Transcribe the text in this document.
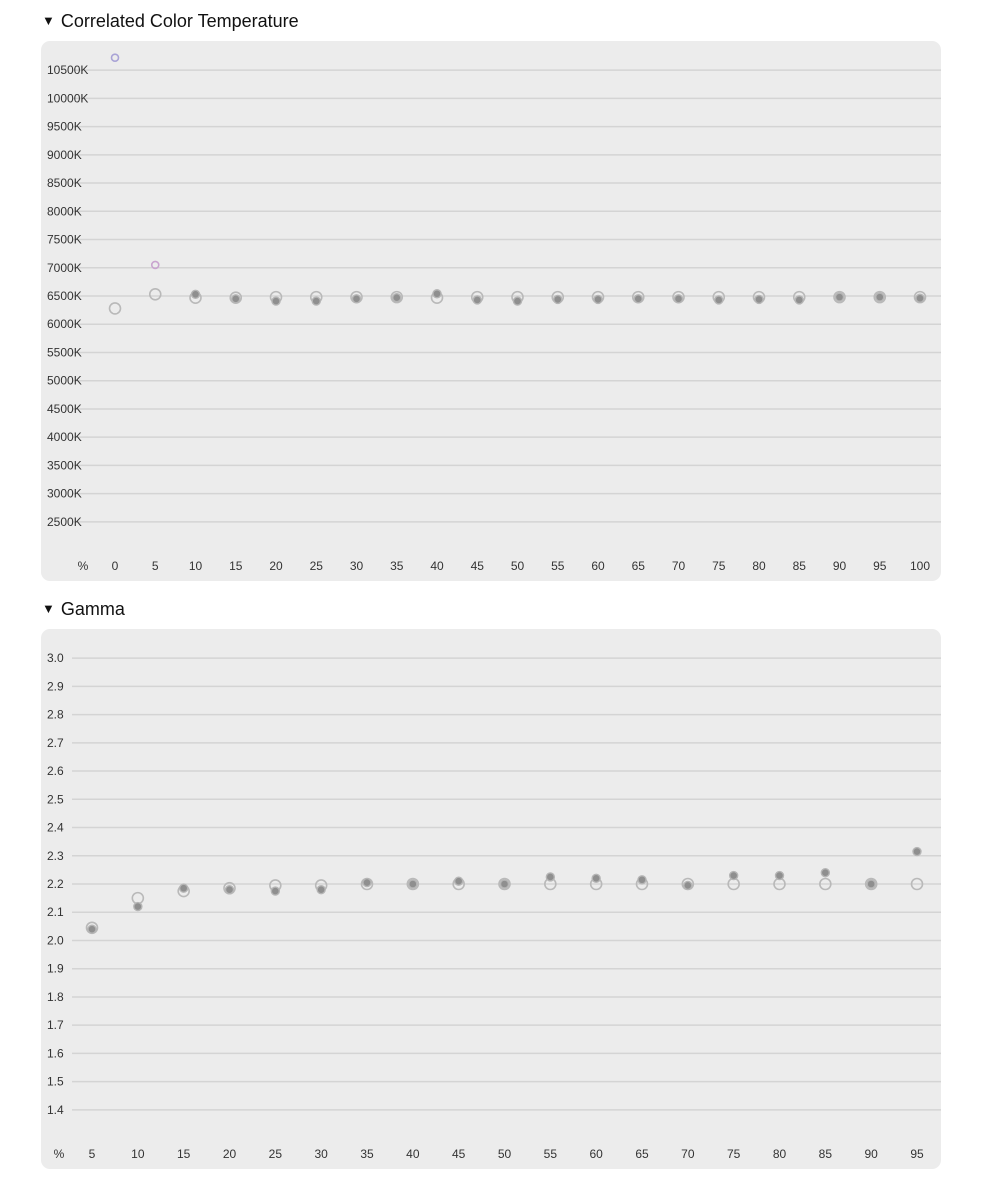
▼ Correlated Color Temperature
2500K
3000K
3500K
4000K
4500K
5000K
5500K
6000K
6500K
7000K
7500K
8000K
8500K
9000K
9500K
10000K
10500K
% 0	5	10 15 20 25 30 35 40 45 50 55 60 65 70 75 80 85 90 95 100
▼ Gamma
1.4
1.5
1.6
1.7
1.8
1.9
2.0
2.1
2.2
2.3
2.4
2.5
2.6
2.7
2.8
2.9
3.0
% 5	10	15	20	25	30	35	40	45	50	55	60	65	70	75	80	85	90	95
